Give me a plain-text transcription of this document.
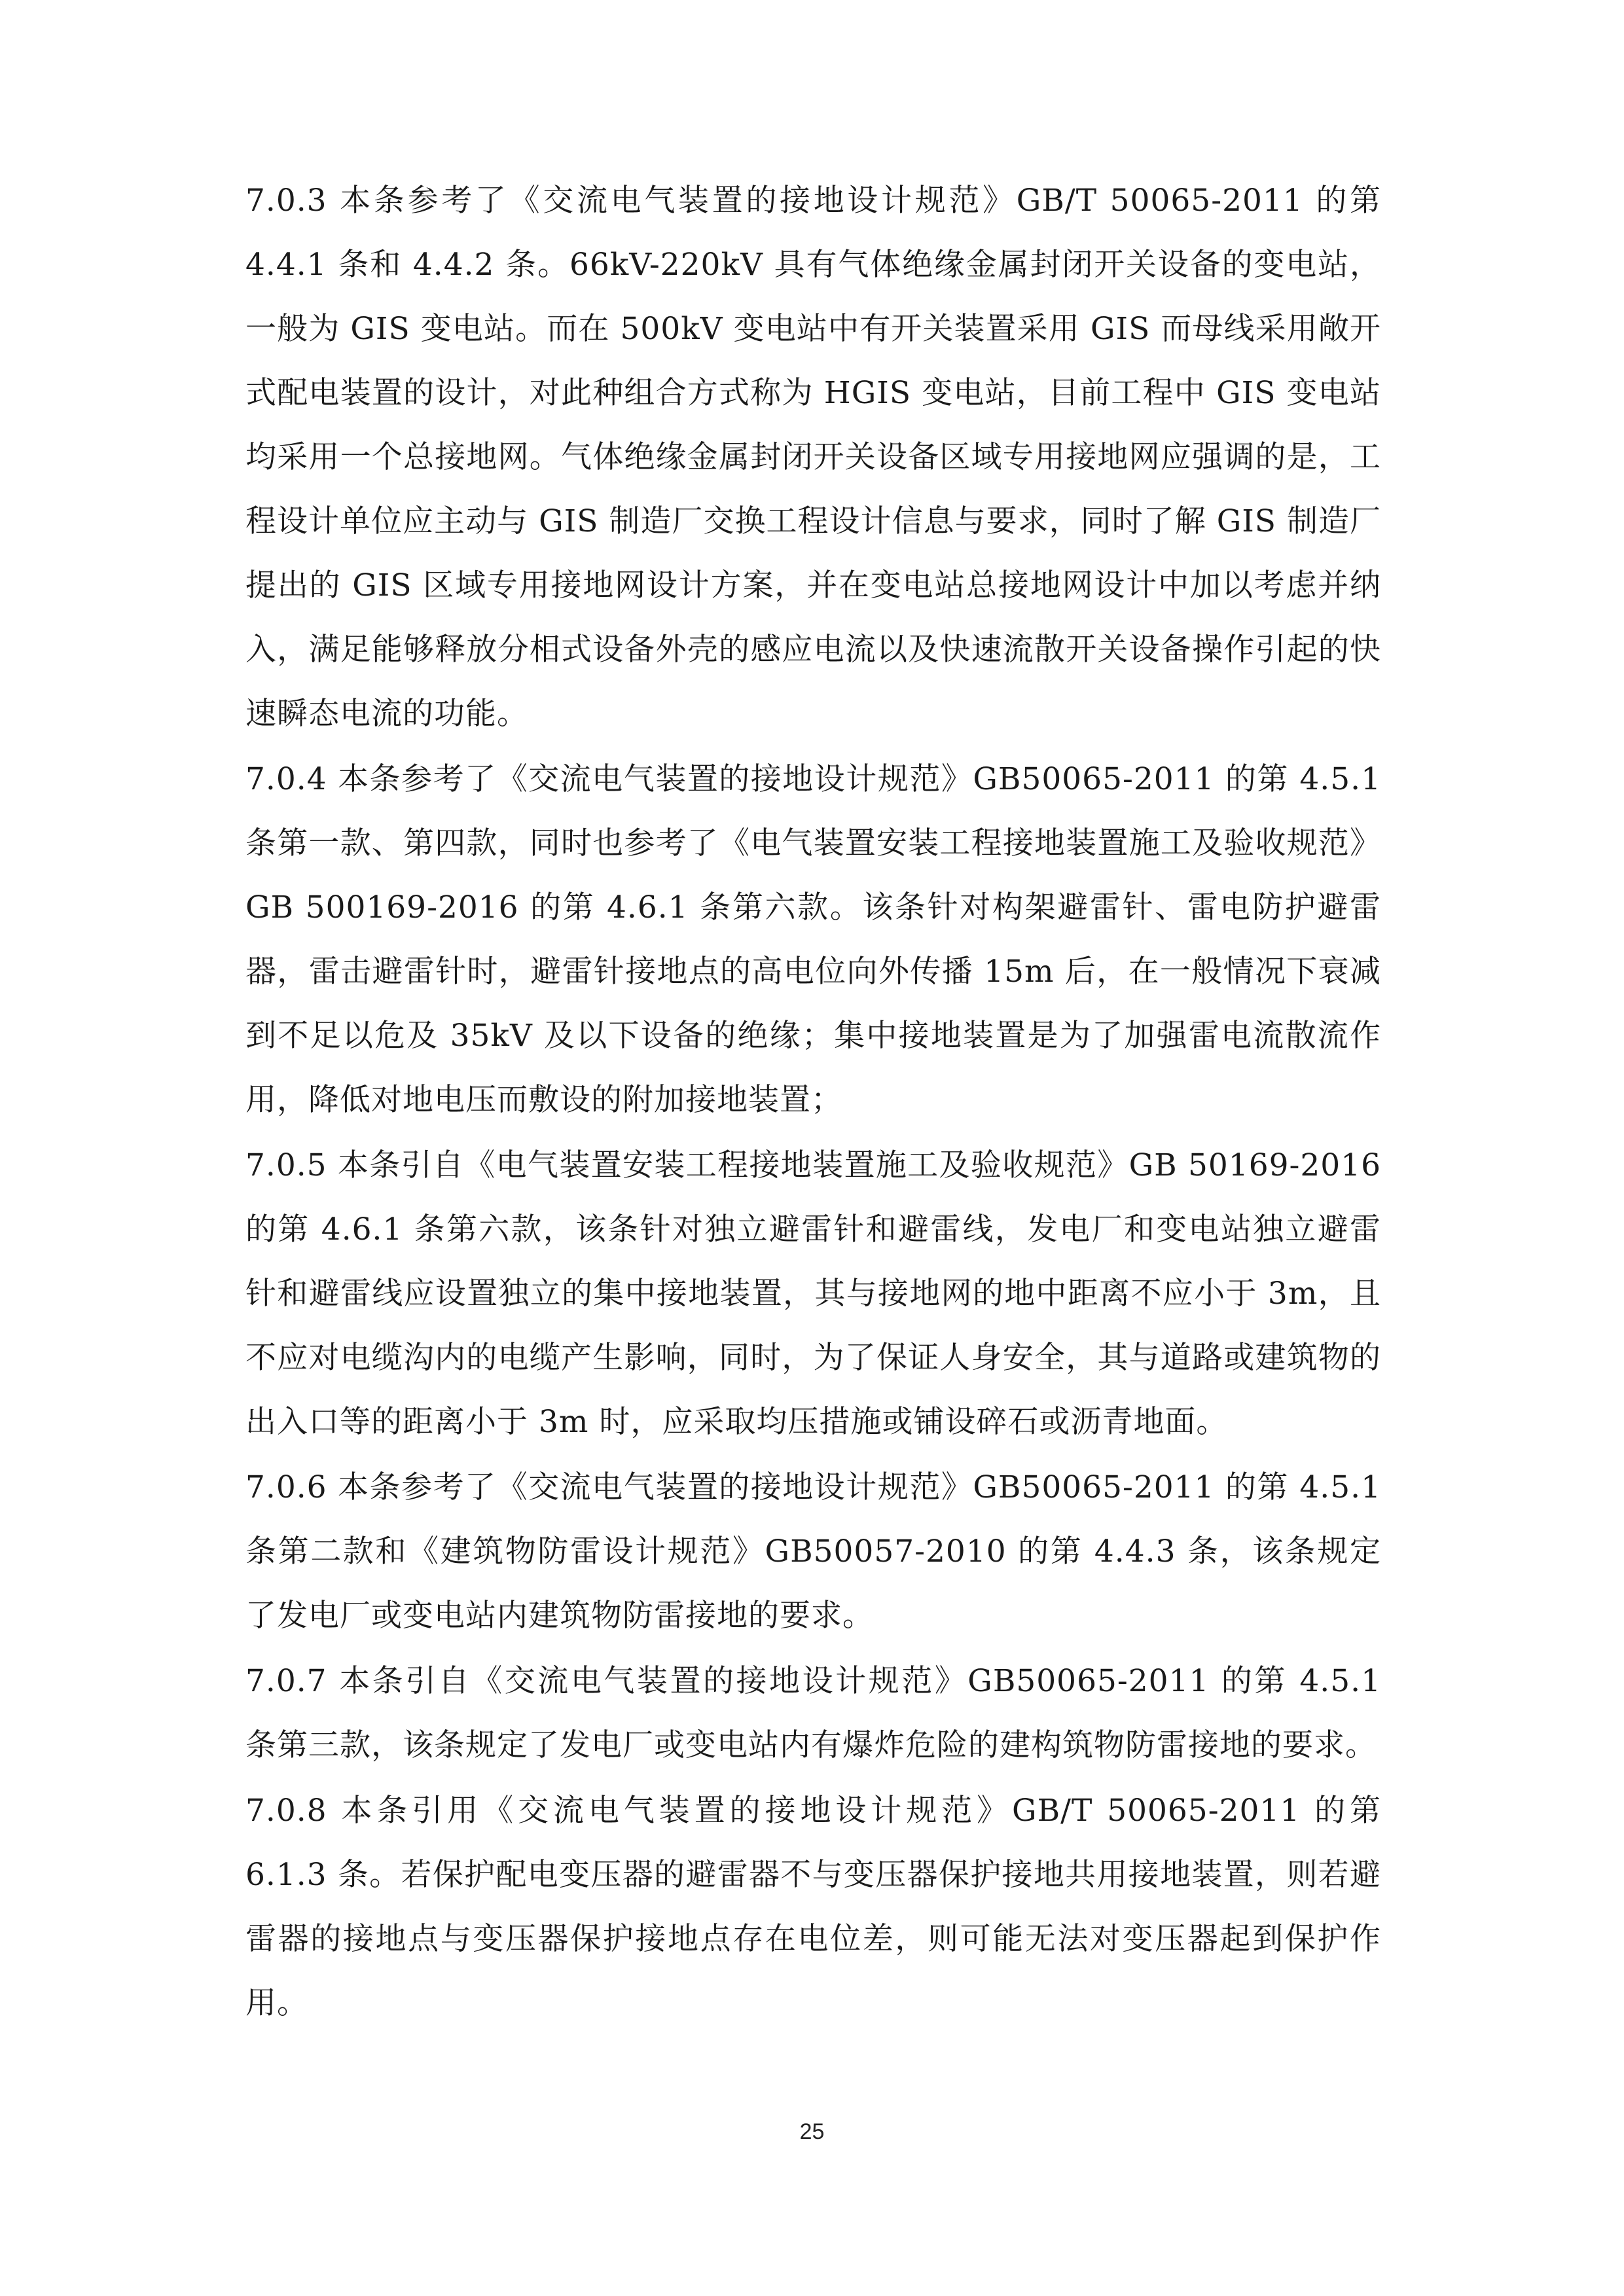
7.0.3 本条参考了《交流电气装置的接地设计规范》GB/T 50065-2011 的第 4.4.1 条和 4.4.2 条。66kV-220kV 具有气体绝缘金属封闭开关设备的变电站，一般为 GIS 变电站。而在 500kV 变电站中有开关装置采用 GIS 而母线采用敞开式配电装置的设计，对此种组合方式称为 HGIS 变电站，目前工程中 GIS 变电站均采用一个总接地网。气体绝缘金属封闭开关设备区域专用接地网应强调的是，工程设计单位应主动与 GIS 制造厂交换工程设计信息与要求，同时了解 GIS 制造厂提出的 GIS 区域专用接地网设计方案，并在变电站总接地网设计中加以考虑并纳入，满足能够释放分相式设备外壳的感应电流以及快速流散开关设备操作引起的快速瞬态电流的功能。

7.0.4 本条参考了《交流电气装置的接地设计规范》GB50065-2011 的第 4.5.1 条第一款、第四款，同时也参考了《电气装置安装工程接地装置施工及验收规范》GB 500169-2016 的第 4.6.1 条第六款。该条针对构架避雷针、雷电防护避雷器，雷击避雷针时，避雷针接地点的高电位向外传播 15m 后，在一般情况下衰减到不足以危及 35kV 及以下设备的绝缘；集中接地装置是为了加强雷电流散流作用，降低对地电压而敷设的附加接地装置；

7.0.5 本条引自《电气装置安装工程接地装置施工及验收规范》GB 50169-2016 的第 4.6.1 条第六款，该条针对独立避雷针和避雷线，发电厂和变电站独立避雷针和避雷线应设置独立的集中接地装置，其与接地网的地中距离不应小于 3m，且不应对电缆沟内的电缆产生影响，同时，为了保证人身安全，其与道路或建筑物的出入口等的距离小于 3m 时，应采取均压措施或铺设碎石或沥青地面。

7.0.6 本条参考了《交流电气装置的接地设计规范》GB50065-2011 的第 4.5.1 条第二款和《建筑物防雷设计规范》GB50057-2010 的第 4.4.3 条，该条规定了发电厂或变电站内建筑物防雷接地的要求。

7.0.7 本条引自《交流电气装置的接地设计规范》GB50065-2011 的第 4.5.1 条第三款，该条规定了发电厂或变电站内有爆炸危险的建构筑物防雷接地的要求。

7.0.8 本条引用《交流电气装置的接地设计规范》GB/T 50065-2011 的第 6.1.3 条。若保护配电变压器的避雷器不与变压器保护接地共用接地装置，则若避雷器的接地点与变压器保护接地点存在电位差，则可能无法对变压器起到保护作用。

25
